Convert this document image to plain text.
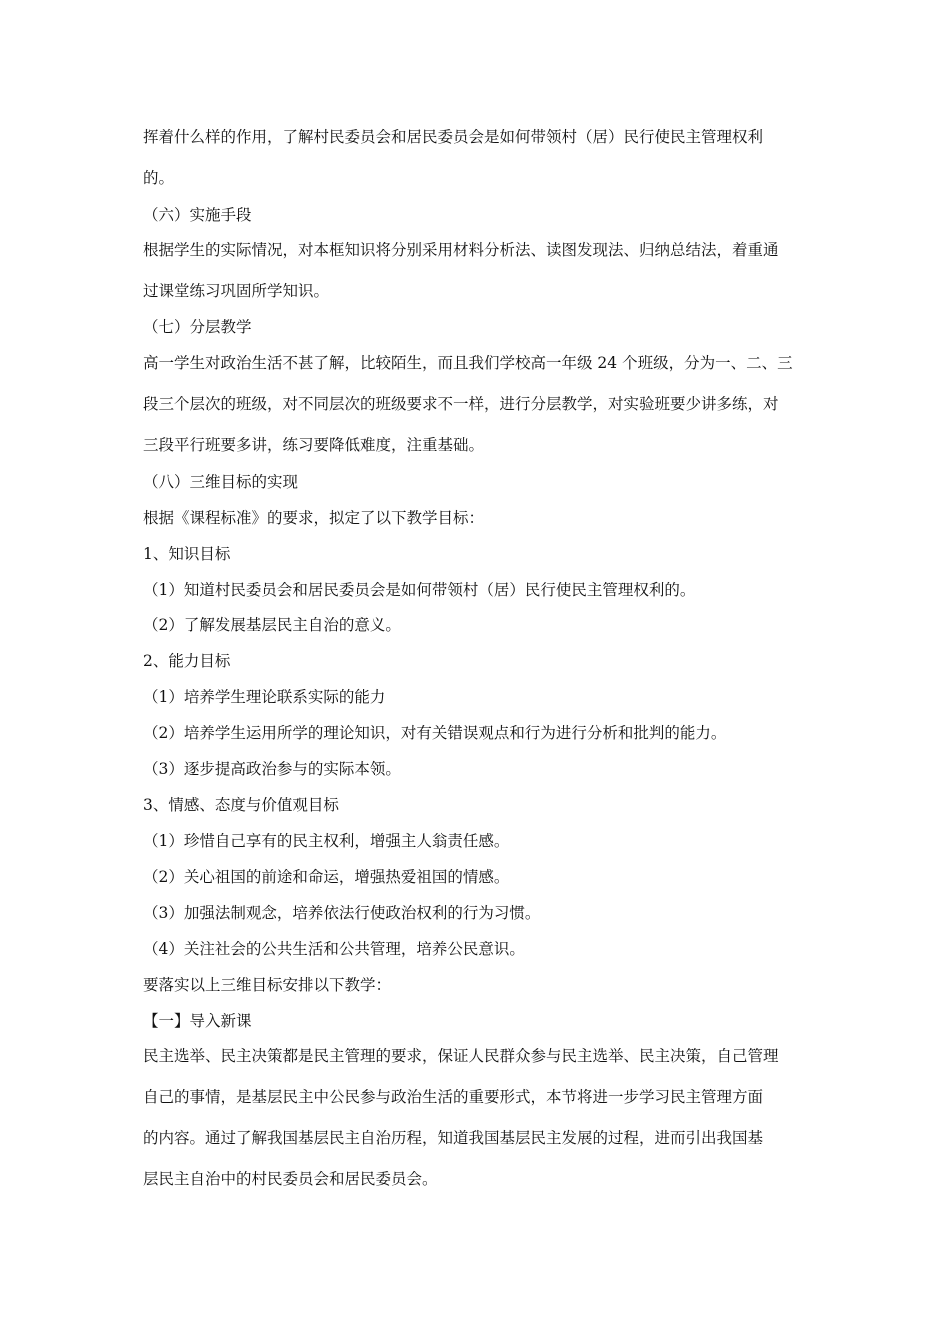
挥着什么样的作用，了解村民委员会和居民委员会是如何带领村（居）民行使民主管理权利

的。

（六）实施手段

根据学生的实际情况，对本框知识将分别采用材料分析法、读图发现法、归纳总结法，着重通

过课堂练习巩固所学知识。

（七）分层教学

高一学生对政治生活不甚了解，比较陌生，而且我们学校高一年级 24 个班级，分为一、二、三

段三个层次的班级，对不同层次的班级要求不一样，进行分层教学，对实验班要少讲多练，对

三段平行班要多讲，练习要降低难度，注重基础。

（八）三维目标的实现

根据《课程标准》的要求，拟定了以下教学目标：

1、知识目标

（1）知道村民委员会和居民委员会是如何带领村（居）民行使民主管理权利的。

（2）了解发展基层民主自治的意义。

2、能力目标

（1）培养学生理论联系实际的能力

（2）培养学生运用所学的理论知识，对有关错误观点和行为进行分析和批判的能力。

（3）逐步提高政治参与的实际本领。

3、情感、态度与价值观目标

（1）珍惜自己享有的民主权利，增强主人翁责任感。

（2）关心祖国的前途和命运，增强热爱祖国的情感。

（3）加强法制观念，培养依法行使政治权利的行为习惯。

（4）关注社会的公共生活和公共管理，培养公民意识。

要落实以上三维目标安排以下教学：

【一】导入新课

民主选举、民主决策都是民主管理的要求，保证人民群众参与民主选举、民主决策，自己管理

自己的事情，是基层民主中公民参与政治生活的重要形式，本节将进一步学习民主管理方面

的内容。通过了解我国基层民主自治历程，知道我国基层民主发展的过程，进而引出我国基

层民主自治中的村民委员会和居民委员会。
